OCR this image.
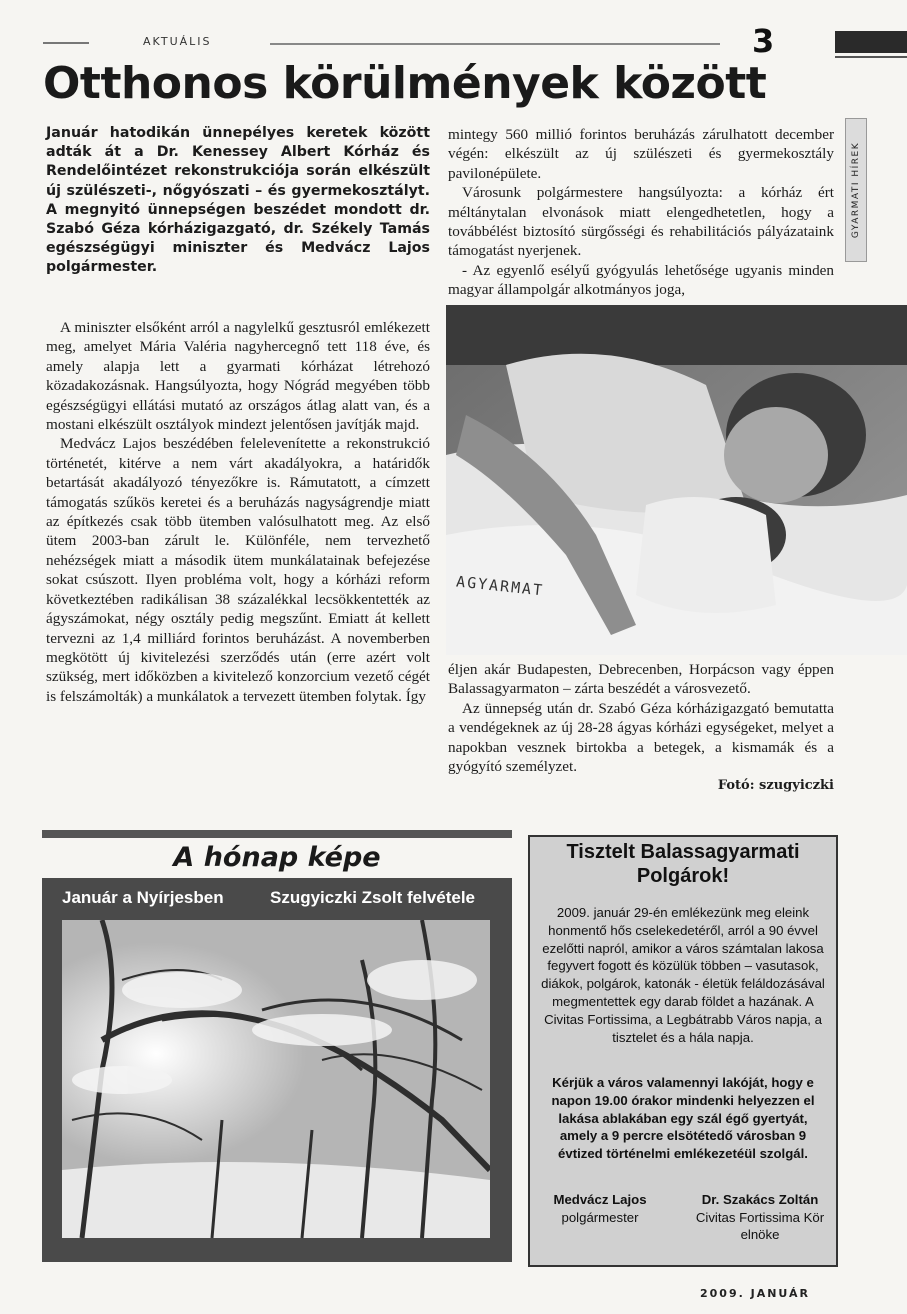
AKTUÁLIS	3
Otthonos körülmények között
GYARMATI HÍREK
Január hatodikán ünnepélyes keretek között adták át a Dr. Kenessey Albert Kórház és Rendelőintézet rekonstrukciója során elkészült új szülészeti-, nőgyószati – és gyermekosztályt. A megnyitó ünnepségen beszédet mondott dr. Szabó Géza kórházigazgató, dr. Székely Tamás egészségügyi miniszter és Medvácz Lajos polgármester.

A miniszter elsőként arról a nagylelkű gesztusról emlékezett meg, amelyet Mária Valéria nagyhercegnő tett 118 éve, és amely alapja lett a gyarmati kórházat létrehozó közadakozásnak. Hangsúlyozta, hogy Nógrád megyében több egészségügyi ellátási mutató az országos átlag alatt van, és a mostani elkészült osztályok mindezt jelentősen javítják majd.

Medvácz Lajos beszédében felelevenítette a rekonstrukció történetét, kitérve a nem várt akadályokra, a határidők betartását akadályozó tényezőkre is. Rámutatott, a címzett támogatás szűkös keretei és a beruházás nagyságrendje miatt az építkezés csak több ütemben valósulhatott meg. Az első ütem 2003-ban zárult le. Különféle, nem tervezhető nehézségek miatt a második ütem munkálatainak befejezése sokat csúszott. Ilyen probléma volt, hogy a kórházi reform következtében radikálisan 38 százalékkal lecsökkentették az ágyszámokat, négy osztály pedig megszűnt. Emiatt át kellett tervezni az 1,4 milliárd forintos beruházást. A novemberben megkötött új kivitelezési szerződés után (erre azért volt szükség, mert időközben a kivitelező konzorcium vezető cégét is felszámolták) a munkálatok a tervezett ütemben folytak. Így

mintegy 560 millió forintos beruházás zárulhatott december végén: elkészült az új szülészeti és gyermekosztály pavilonépülete.

Városunk polgármestere hangsúlyozta: a kórház ért méltánytalan elvonások miatt elengedhetetlen, hogy a továbbélést biztosító sürgősségi és rehabilitációs pályázataink támogatást nyerjenek.

- Az egyenlő esélyű gyógyulás lehetősége ugyanis minden magyar állampolgár alkotmányos joga,

AGYARMAT

éljen akár Budapesten, Debrecenben, Horpácson vagy éppen Balassagyarmaton – zárta beszédét a városvezető.

Az ünnepség után dr. Szabó Géza kórházigazgató bemutatta a vendégeknek az új 28-28 ágyas kórházi egységeket, melyet a napokban vesznek birtokba a betegek, a kismamák és a gyógyító személyzet.

Fotó: szugyiczki
A hónap képe
Január a Nyírjesben	Szugyiczki Zsolt felvétele
Tisztelt Balassagyarmati
Polgárok!
2009. január 29-én emlékezünk meg eleink honmentő hős cselekedetéről, arról a 90 évvel ezelőtti napról, amikor a város számtalan lakosa fegyvert fogott és közülük többen – vasutasok, diákok, polgárok, katonák - életük feláldozásával megmentettek egy darab földet a hazának. A Civitas Fortissima, a Legbátrabb Város napja, a tisztelet és a hála napja.
Kérjük a város valamennyi lakóját, hogy e napon 19.00 órakor mindenki helyezzen el lakása ablakában egy szál égő gyertyát, amely a 9 percre elsötétedő városban 9 évtized történelmi emlékezetéül szolgál.
Medvácz Lajos
polgármester
Dr. Szakács Zoltán
Civitas Fortissima Kör elnöke
2009. JANUÁR
